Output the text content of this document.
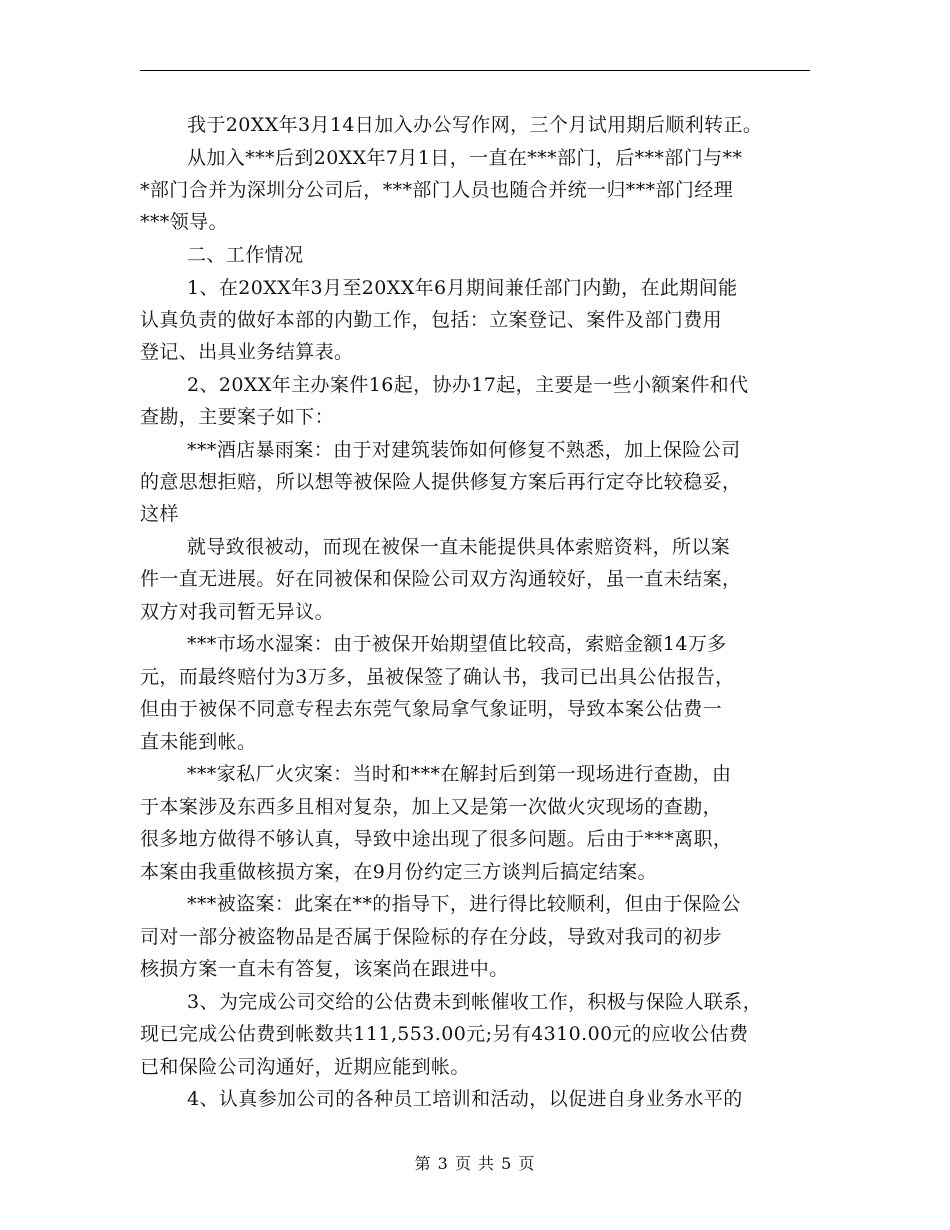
我于20XX年3月14日加入办公写作网，三个月试用期后顺利转正。
从加入***后到20XX年7月1日，一直在***部门，后***部门与**
*部门合并为深圳分公司后，***部门人员也随合并统一归***部门经理
***领导。
二、工作情况
1、在20XX年3月至20XX年6月期间兼任部门内勤，在此期间能
认真负责的做好本部的内勤工作，包括：立案登记、案件及部门费用
登记、出具业务结算表。
2、20XX年主办案件16起，协办17起，主要是一些小额案件和代
查勘，主要案子如下：
***酒店暴雨案：由于对建筑装饰如何修复不熟悉，加上保险公司
的意思想拒赔，所以想等被保险人提供修复方案后再行定夺比较稳妥，
这样
就导致很被动，而现在被保一直未能提供具体索赔资料，所以案
件一直无进展。好在同被保和保险公司双方沟通较好，虽一直未结案，
双方对我司暂无异议。
***市场水湿案：由于被保开始期望值比较高，索赔金额14万多
元，而最终赔付为3万多，虽被保签了确认书，我司已出具公估报告，
但由于被保不同意专程去东莞气象局拿气象证明，导致本案公估费一
直未能到帐。
***家私厂火灾案：当时和***在解封后到第一现场进行查勘，由
于本案涉及东西多且相对复杂，加上又是第一次做火灾现场的查勘，
很多地方做得不够认真，导致中途出现了很多问题。后由于***离职，
本案由我重做核损方案，在9月份约定三方谈判后搞定结案。
***被盗案：此案在**的指导下，进行得比较顺利，但由于保险公
司对一部分被盗物品是否属于保险标的存在分歧，导致对我司的初步
核损方案一直未有答复，该案尚在跟进中。
3、为完成公司交给的公估费未到帐催收工作，积极与保险人联系，
现已完成公估费到帐数共111,553.00元;另有4310.00元的应收公估费
已和保险公司沟通好，近期应能到帐。
4、认真参加公司的各种员工培训和活动，以促进自身业务水平的
第 3 页 共 5 页
